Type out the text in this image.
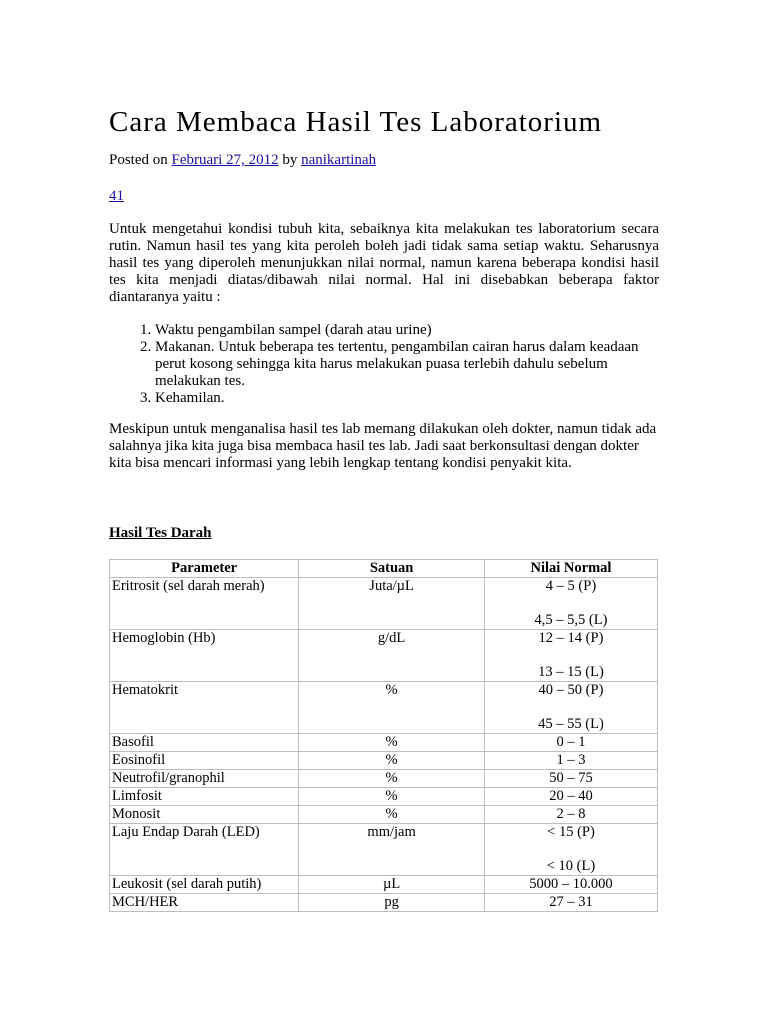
Cara Membaca Hasil Tes Laboratorium
Posted on Februari 27, 2012 by nanikartinah
41

Untuk mengetahui kondisi tubuh kita, sebaiknya kita melakukan tes laboratorium secara rutin. Namun hasil tes yang kita peroleh boleh jadi tidak sama setiap waktu. Seharusnya hasil tes yang diperoleh menunjukkan nilai normal, namun karena beberapa kondisi hasil tes kita menjadi diatas/dibawah nilai normal. Hal ini disebabkan beberapa faktor diantaranya yaitu :

1. Waktu pengambilan sampel (darah atau urine)
2. Makanan. Untuk beberapa tes tertentu, pengambilan cairan harus dalam keadaan perut kosong sehingga kita harus melakukan puasa terlebih dahulu sebelum melakukan tes.
3. Kehamilan.

Meskipun untuk menganalisa hasil tes lab memang dilakukan oleh dokter, namun tidak ada salahnya jika kita juga bisa membaca hasil tes lab. Jadi saat berkonsultasi dengan dokter kita bisa mencari informasi yang lebih lengkap tentang kondisi penyakit kita.

Hasil Tes Darah
Parameter	Satuan	Nilai Normal
Eritrosit (sel darah merah)	Juta/µL	4 – 5 (P)
4,5 – 5,5 (L)
Hemoglobin (Hb)	g/dL	12 – 14 (P)
13 – 15 (L)
Hematokrit	%	40 – 50 (P)
45 – 55 (L)
Basofil	%	0 – 1
Eosinofil	%	1 – 3
Neutrofil/granophil	%	50 – 75
Limfosit	%	20 – 40
Monosit	%	2 – 8
Laju Endap Darah (LED)	mm/jam	< 15 (P)
< 10 (L)
Leukosit (sel darah putih)	µL	5000 – 10.000
MCH/HER	pg	27 – 31
